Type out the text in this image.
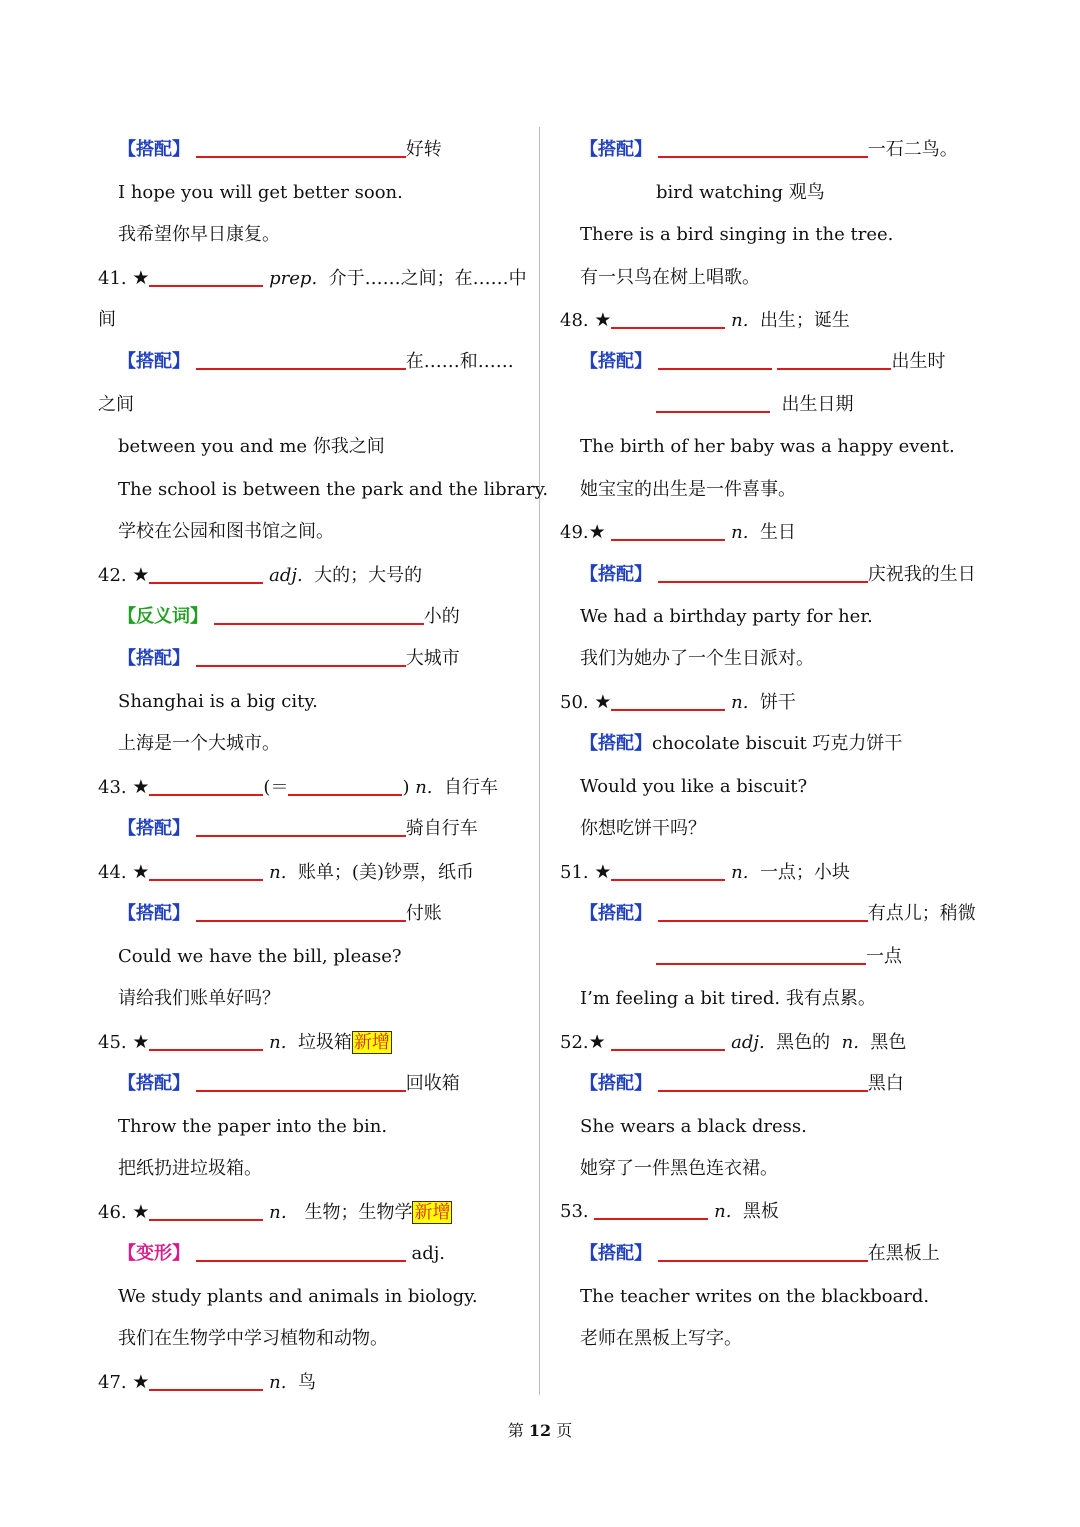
【搭配】	好转
I hope you will get better soon.
我希望你早日康复。
41. ★	prep. 介于……之间；在……中
间
【搭配】	在……和……
之间
between you and me 你我之间
The school is between the park and the library.
学校在公园和图书馆之间。
42. ★	adj. 大的；大号的
【反义词】	小的
【搭配】	大城市
Shanghai is a big city.
上海是一个大城市。
43. ★	(＝	) n. 自行车
【搭配】	骑自行车
44. ★	n. 账单；(美)钞票，纸币
【搭配】	付账
Could we have the bill, please?
请给我们账单好吗？
45. ★	n. 垃圾箱 新增
【搭配】	回收箱
Throw the paper into the bin.
把纸扔进垃圾箱。
46. ★	n． 生物；生物学 新增
【变形】	adj.
We study plants and animals in biology.
我们在生物学中学习植物和动物。
47. ★	n. 鸟
【搭配】	一石二鸟。
bird watching 观鸟
There is a bird singing in the tree.
有一只鸟在树上唱歌。
48. ★	n. 出生；诞生
【搭配】	出生时
出生日期
The birth of her baby was a happy event.
她宝宝的出生是一件喜事。
49.★	n. 生日
【搭配】	庆祝我的生日
We had a birthday party for her.
我们为她办了一个生日派对。
50. ★	n. 饼干
【搭配】chocolate biscuit 巧克力饼干
Would you like a biscuit?
你想吃饼干吗？
51. ★	n. 一点；小块
【搭配】	有点儿；稍微
一点
I’m feeling a bit tired. 我有点累。
52.★	adj. 黑色的 n. 黑色
【搭配】	黑白
She wears a black dress.
她穿了一件黑色连衣裙。
53.	n. 黑板
【搭配】	在黑板上
The teacher writes on the blackboard.
老师在黑板上写字。
第 12 页
